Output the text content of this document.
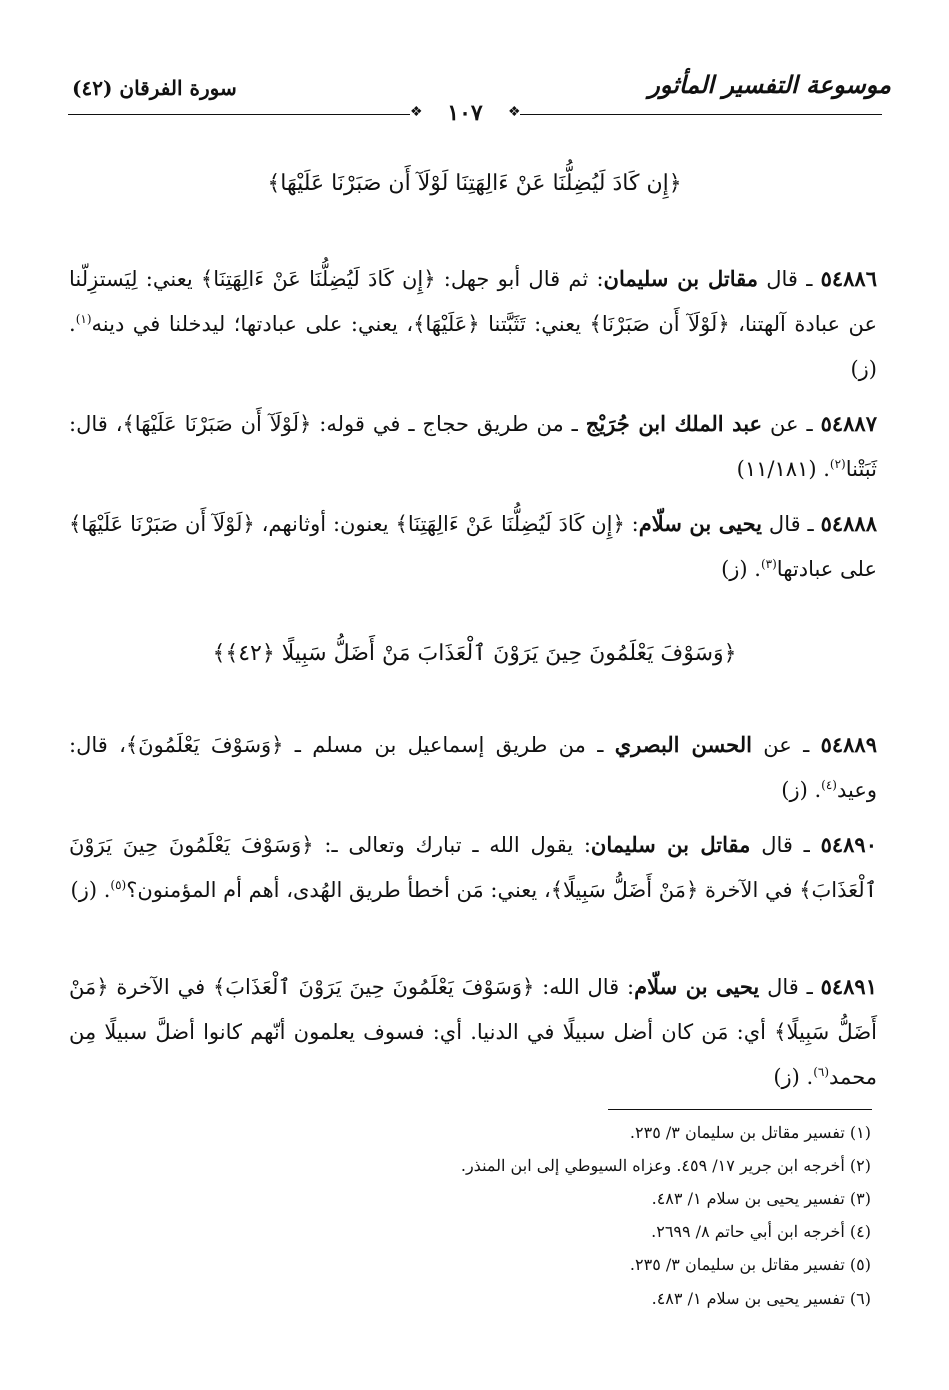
موسوعة التفسير المأثور
سورة الفرقان (٤٢)
❖
١٠٧
❖
﴿إِن كَادَ لَيُضِلُّنَا عَنْ ءَالِهَتِنَا لَوْلَآ أَن صَبَرْنَا عَلَيْهَا﴾

٥٤٨٨٦ ـ قال مقاتل بن سليمان: ثم قال أبو جهل: ﴿إِن كَادَ لَيُضِلُّنَا عَنْ ءَالِهَتِنَا﴾ يعني: لِيَستزِلّنا عن عبادة آلهتنا، ﴿لَوْلَآ أَن صَبَرْنَا﴾ يعني: تَثَبَّتنا ﴿عَلَيْهَا﴾، يعني: على عبادتها؛ ليدخلنا في دينه$^{(١)}$. (ز)

٥٤٨٨٧ ـ عن عبد الملك ابن جُرَيْج ـ من طريق حجاج ـ في قوله: ﴿لَوْلَآ أَن صَبَرْنَا عَلَيْهَا﴾، قال: ثَبَتْنا$^{(٢)}$. (١١/١٨١)

٥٤٨٨٨ ـ قال يحيى بن سلّام: ﴿إِن كَادَ لَيُضِلُّنَا عَنْ ءَالِهَتِنَا﴾ يعنون: أوثانهم، ﴿لَوْلَآ أَن صَبَرْنَا عَلَيْهَا﴾ على عبادتها$^{(٣)}$. (ز)

﴿وَسَوْفَ يَعْلَمُونَ حِينَ يَرَوْنَ ٱلْعَذَابَ مَنْ أَضَلُّ سَبِيلًا ﴿٤٢﴾﴾

٥٤٨٨٩ ـ عن الحسن البصري ـ من طريق إسماعيل بن مسلم ـ ﴿وَسَوْفَ يَعْلَمُونَ﴾، قال: وعيد$^{(٤)}$. (ز)

٥٤٨٩٠ ـ قال مقاتل بن سليمان: يقول الله ـ تبارك وتعالى ـ: ﴿وَسَوْفَ يَعْلَمُونَ حِينَ يَرَوْنَ ٱلْعَذَابَ﴾ في الآخرة ﴿مَنْ أَضَلُّ سَبِيلًا﴾، يعني: مَن أخطأ طريق الهُدى، أهم أم المؤمنون؟$^{(٥)}$. (ز)

٥٤٨٩١ ـ قال يحيى بن سلّام: قال الله: ﴿وَسَوْفَ يَعْلَمُونَ حِينَ يَرَوْنَ ٱلْعَذَابَ﴾ في الآخرة ﴿مَنْ أَضَلُّ سَبِيلًا﴾ أي: مَن كان أضل سبيلًا في الدنيا. أي: فسوف يعلمون أنّهم كانوا أضلَّ سبيلًا مِن محمد$^{(٦)}$. (ز)

(١) تفسير مقاتل بن سليمان ٣/ ٢٣٥.
(٢) أخرجه ابن جرير ١٧/ ٤٥٩. وعزاه السيوطي إلى ابن المنذر.
(٣) تفسير يحيى بن سلام ١/ ٤٨٣.
(٤) أخرجه ابن أبي حاتم ٨/ ٢٦٩٩.
(٥) تفسير مقاتل بن سليمان ٣/ ٢٣٥.
(٦) تفسير يحيى بن سلام ١/ ٤٨٣.
